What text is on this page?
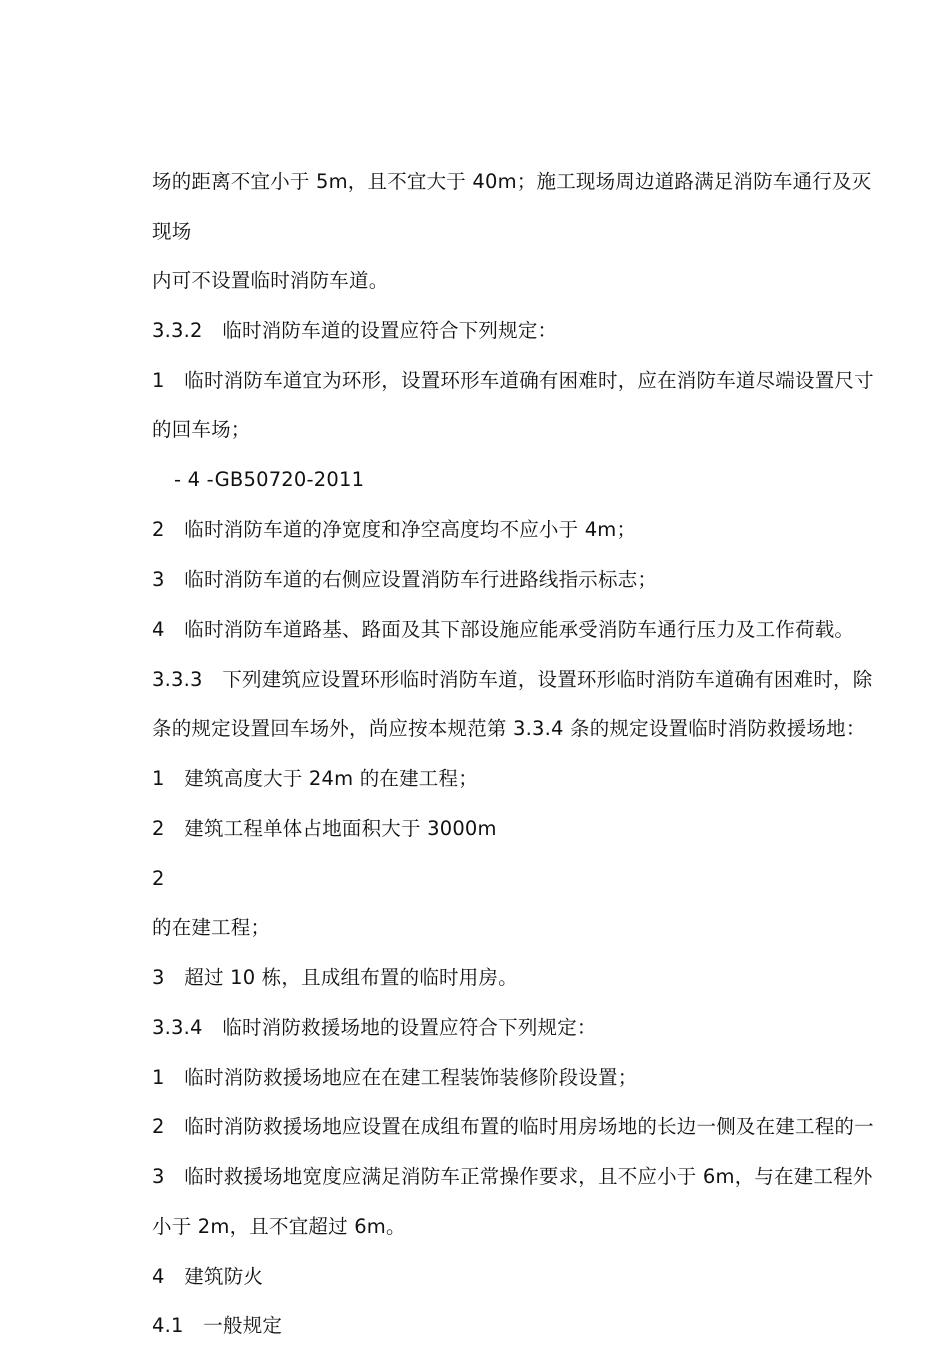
场的距离不宜小于 5m，且不宜大于 40m；施工现场周边道路满足消防车通行及灭
现场
内可不设置临时消防车道。
3.3.2　临时消防车道的设置应符合下列规定：
1　临时消防车道宜为环形，设置环形车道确有困难时，应在消防车道尽端设置尺寸
的回车场；
- 4 -GB50720-2011
2　临时消防车道的净宽度和净空高度均不应小于 4m；
3　临时消防车道的右侧应设置消防车行进路线指示标志；
4　临时消防车道路基、路面及其下部设施应能承受消防车通行压力及工作荷载。
3.3.3　下列建筑应设置环形临时消防车道，设置环形临时消防车道确有困难时，除
条的规定设置回车场外，尚应按本规范第 3.3.4 条的规定设置临时消防救援场地：
1　建筑高度大于 24m 的在建工程；
2　建筑工程单体占地面积大于 3000m
2
的在建工程；
3　超过 10 栋，且成组布置的临时用房。
3.3.4　临时消防救援场地的设置应符合下列规定：
1　临时消防救援场地应在在建工程装饰装修阶段设置；
2　临时消防救援场地应设置在成组布置的临时用房场地的长边一侧及在建工程的一
3　临时救援场地宽度应满足消防车正常操作要求，且不应小于 6m，与在建工程外
小于 2m，且不宜超过 6m。
4　建筑防火
4.1　一般规定
